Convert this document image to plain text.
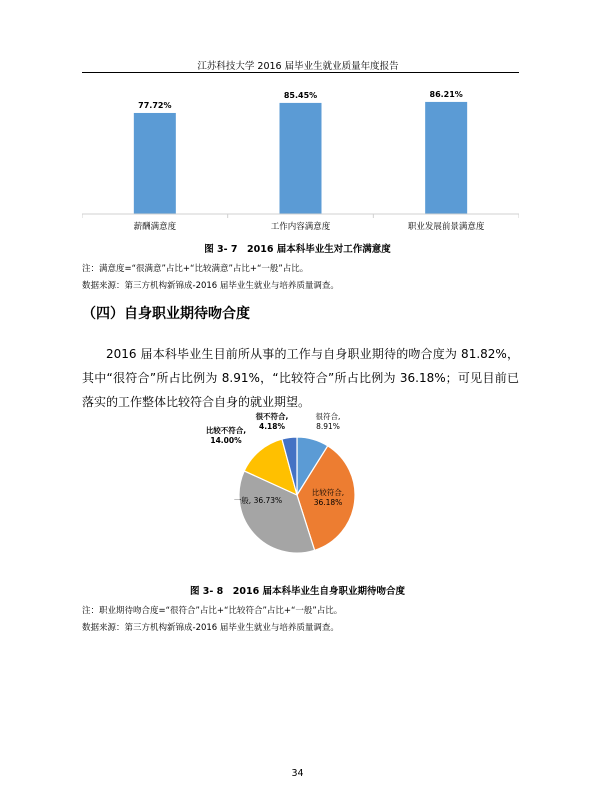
江苏科技大学 2016 届毕业生就业质量年度报告
77.72%
薪酬满意度
85.45%
工作内容满意度
86.21%
职业发展前景满意度
图 3- 7　2016 届本科毕业生对工作满意度
注：满意度=“很满意”占比+“比较满意”占比+“一般”占比。
数据来源：第三方机构新锦成-2016 届毕业生就业与培养质量调查。
（四）自身职业期待吻合度
2016 届本科毕业生目前所从事的工作与自身职业期待的吻合度为 81.82%，其中“很符合”所占比例为 8.91%，“比较符合”所占比例为 36.18%；可见目前已落实的工作整体比较符合自身的就业期望。
很符合, 8.91%
比较符合, 36.18%
一般, 36.73%
比较不符合, 14.00%
很不符合, 4.18%
图 3- 8　2016 届本科毕业生自身职业期待吻合度
注：职业期待吻合度=“很符合”占比+“比较符合”占比+“一般”占比。
数据来源：第三方机构新锦成-2016 届毕业生就业与培养质量调查。
34
